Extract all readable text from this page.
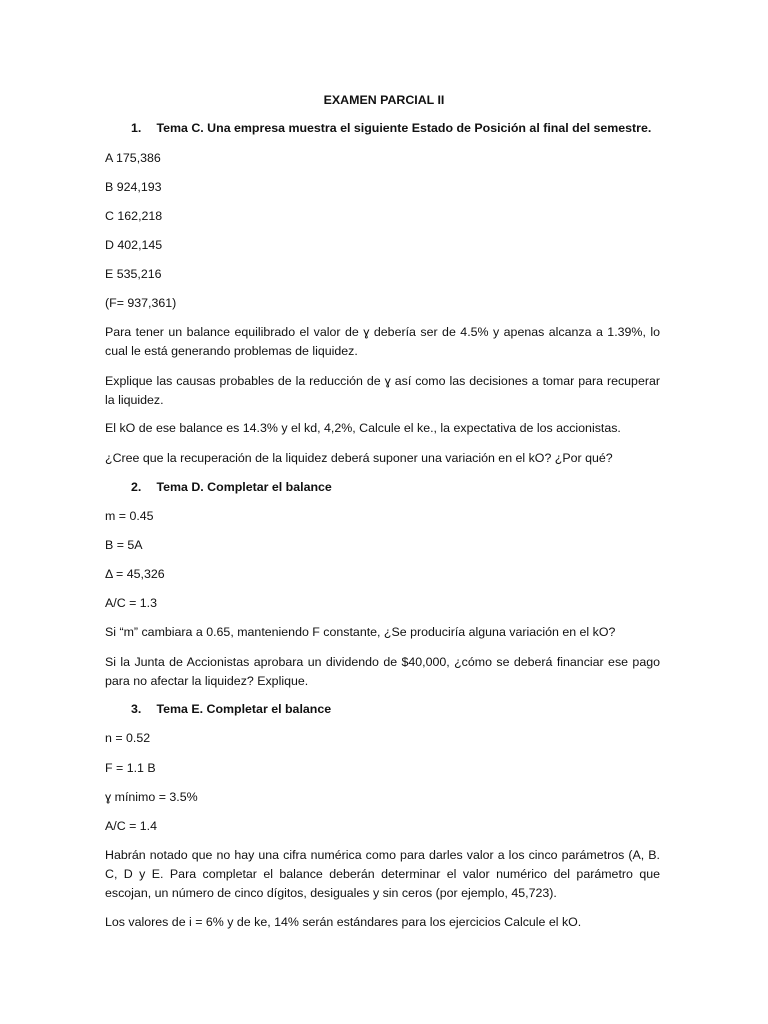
EXAMEN PARCIAL II

1. Tema C. Una empresa muestra el siguiente Estado de Posición al final del semestre.

A 175,386

B 924,193

C 162,218

D 402,145

E 535,216

(F= 937,361)

Para tener un balance equilibrado el valor de ɣ debería ser de 4.5% y apenas alcanza a 1.39%, lo

cual le está generando problemas de liquidez.

Explique las causas probables de la reducción de ɣ así como las decisiones a tomar para recuperar

la liquidez.

El kO de ese balance es 14.3% y el kd, 4,2%, Calcule el ke., la expectativa de los accionistas.

¿Cree que la recuperación de la liquidez deberá suponer una variación en el kO? ¿Por qué?

2. Tema D. Completar el balance

m = 0.45

B = 5A

Δ = 45,326

A/C = 1.3

Si “m” cambiara a 0.65, manteniendo F constante, ¿Se produciría alguna variación en el kO?

Si la Junta de Accionistas aprobara un dividendo de $40,000, ¿cómo se deberá financiar ese pago

para no afectar la liquidez? Explique.

3. Tema E. Completar el balance

n = 0.52

F = 1.1 B

ɣ mínimo = 3.5%

A/C = 1.4

Habrán notado que no hay una cifra numérica como para darles valor a los cinco parámetros (A, B.

C, D y E. Para completar el balance deberán determinar el valor numérico del parámetro que

escojan, un número de cinco dígitos, desiguales y sin ceros (por ejemplo, 45,723).

Los valores de i = 6% y de ke, 14% serán estándares para los ejercicios Calcule el kO.
